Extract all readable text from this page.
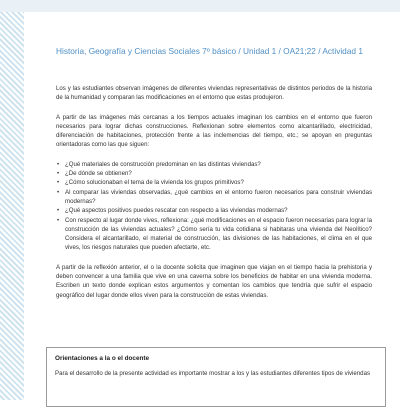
Historia, Geografía y Ciencias Sociales 7º básico / Unidad 1 / OA21;22 / Actividad 1

Los y las estudiantes observan imágenes de diferentes viviendas representativas de distintos periodos de la historia de la humanidad y comparan las modificaciones en el entorno que estas produjeron.

A partir de las imágenes más cercanas a los tiempos actuales imaginan los cambios en el entorno que fueron necesarios para lograr dichas construcciones. Reflexionan sobre elementos como alcantarillado, electricidad, diferenciación de habitaciones, protección frente a las inclemencias del tiempo, etc.; se apoyan en preguntas orientadoras como las que siguen:

• ¿Qué materiales de construcción predominan en las distintas viviendas?
• ¿De dónde se obtienen?
• ¿Cómo solucionaban el tema de la vivienda los grupos primitivos?
• Al comparar las viviendas observadas, ¿qué cambios en el entorno fueron necesarios para construir viviendas modernas?
• ¿Qué aspectos positivos puedes rescatar con respecto a las viviendas modernas?
• Con respecto al lugar donde vives, reflexiona: ¿qué modificaciones en el espacio fueron necesarias para lograr la construcción de las viviendas actuales? ¿Cómo sería tu vida cotidiana si habitaras una vivienda del Neolítico? Considera el alcantarillado, el material de construcción, las divisiones de las habitaciones, el clima en el que vives, los riesgos naturales que pueden afectarte, etc.

A partir de la reflexión anterior, el o la docente solicita que imaginen que viajan en el tiempo hacia la prehistoria y deben convencer a una familia que vive en una caverna sobre los beneficios de habitar en una vivienda moderna. Escriben un texto donde explican estos argumentos y comentan los cambios que tendría que sufrir el espacio geográfico del lugar donde ellos viven para la construcción de estas viviendas.

Orientaciones a la o el docente
Para el desarrollo de la presente actividad es importante mostrar a los y las estudiantes diferentes tipos de viviendas
